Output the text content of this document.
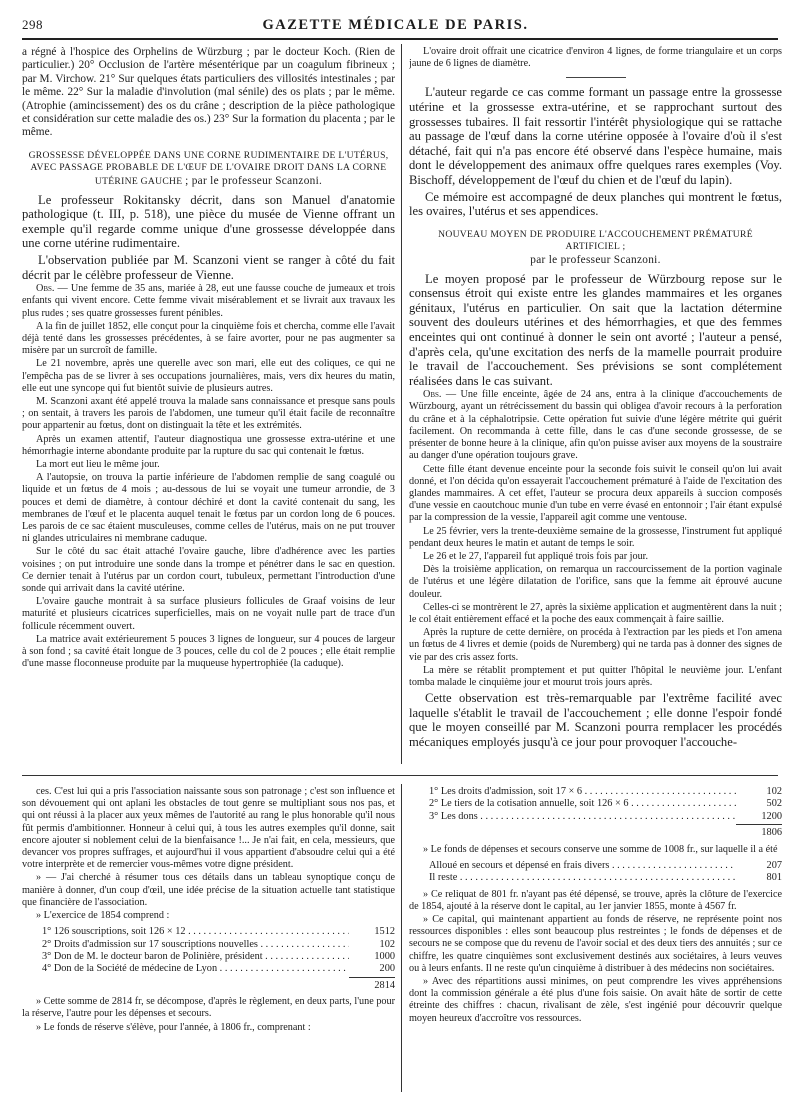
298	GAZETTE MÉDICALE DE PARIS.

a régné à l'hospice des Orphelins de Würzburg ; par le docteur Koch. (Rien de particulier.) 20° Occlusion de l'artère mésentérique par un coagulum fibrineux ; par M. Virchow. 21° Sur quelques états particuliers des villosités intestinales ; par le même. 22° Sur la maladie d'involution (mal sénile) des os plats ; par le même. (Atrophie (amincissement) des os du crâne ; description de la pièce pathologique et considération sur cette maladie des os.) 23° Sur la formation du placenta ; par le même.

GROSSESSE DÉVELOPPÉE DANS UNE CORNE RUDIMENTAIRE DE L'UTÉRUS, AVEC PASSAGE PROBABLE DE L'ŒUF DE L'OVAIRE DROIT DANS LA CORNE UTÉRINE GAUCHE ; par le professeur Scanzoni.

Le professeur Rokitansky décrit, dans son Manuel d'anatomie pathologique (t. III, p. 518), une pièce du musée de Vienne offrant un exemple qu'il regarde comme unique d'une grossesse développée dans une corne utérine rudimentaire.

L'observation publiée par M. Scanzoni vient se ranger à côté du fait décrit par le célèbre professeur de Vienne.

Obs. — Une femme de 35 ans, mariée à 28, eut une fausse couche de jumeaux et trois enfants qui vivent encore. Cette femme vivait misérablement et se livrait aux travaux les plus rudes ; ses quatre grossesses furent pénibles.

A la fin de juillet 1852, elle conçut pour la cinquième fois et chercha, comme elle l'avait déjà tenté dans les grossesses précédentes, à se faire avorter, pour ne pas augmenter sa misère par un surcroît de famille.

Le 21 novembre, après une querelle avec son mari, elle eut des coliques, ce qui ne l'empêcha pas de se livrer à ses occupations journalières, mais, vers dix heures du matin, elle eut une syncope qui fut bientôt suivie de plusieurs autres.

M. Scanzoni axant été appelé trouva la malade sans connaissance et presque sans pouls ; on sentait, à travers les parois de l'abdomen, une tumeur qu'il était facile de reconnaître pour appartenir au fœtus, dont on distinguait la tête et les extrémités.

Après un examen attentif, l'auteur diagnostiqua une grossesse extra-utérine et une hémorrhagie interne abondante produite par la rupture du sac qui contenait le fœtus.

La mort eut lieu le même jour.

A l'autopsie, on trouva la partie inférieure de l'abdomen remplie de sang coagulé ou liquide et un fœtus de 4 mois ; au-dessous de lui se voyait une tumeur arrondie, de 3 pouces et demi de diamètre, à contour déchiré et dont la cavité contenait du sang, les membranes de l'œuf et le placenta auquel tenait le fœtus par un cordon long de 6 pouces. Les parois de ce sac étaient musculeuses, comme celles de l'utérus, mais on ne put trouver ni glandes utriculaires ni membrane caduque.

Sur le côté du sac était attaché l'ovaire gauche, libre d'adhérence avec les parties voisines ; on put introduire une sonde dans la trompe et pénétrer dans le sac en question. Ce dernier tenait à l'utérus par un cordon court, tubuleux, permettant l'introduction d'une sonde qui arrivait dans la cavité utérine.

L'ovaire gauche montrait à sa surface plusieurs follicules de Graaf voisins de leur maturité et plusieurs cicatrices superficielles, mais on ne voyait nulle part de trace d'un follicule récemment ouvert.

La matrice avait extérieurement 5 pouces 3 lignes de longueur, sur 4 pouces de largeur à son fond ; sa cavité était longue de 3 pouces, celle du col de 2 pouces ; elle était remplie d'une masse floconneuse produite par la muqueuse hypertrophiée (la caduque).

L'ovaire droit offrait une cicatrice d'environ 4 lignes, de forme triangulaire et un corps jaune de 6 lignes de diamètre.

L'auteur regarde ce cas comme formant un passage entre la grossesse utérine et la grossesse extra-utérine, et se rapprochant surtout des grossesses tubaires. Il fait ressortir l'intérêt physiologique qui se rattache au passage de l'œuf dans la corne utérine opposée à l'ovaire d'où il s'est détaché, fait qui n'a pas encore été observé dans l'espèce humaine, mais dont le développement des animaux offre quelques rares exemples (Voy. Bischoff, développement de l'œuf du chien et de l'œuf du lapin).

Ce mémoire est accompagné de deux planches qui montrent le fœtus, les ovaires, l'utérus et ses appendices.

NOUVEAU MOYEN DE PRODUIRE L'ACCOUCHEMENT PRÉMATURÉ ARTIFICIEL ;
par le professeur Scanzoni.

Le moyen proposé par le professeur de Würzbourg repose sur le consensus étroit qui existe entre les glandes mammaires et les organes génitaux, l'utérus en particulier. On sait que la lactation détermine souvent des douleurs utérines et des hémorrhagies, et que des femmes enceintes qui ont continué à donner le sein ont avorté ; l'auteur a pensé, d'après cela, qu'une excitation des nerfs de la mamelle pourrait produire le travail de l'accouchement. Ses prévisions se sont complétement réalisées dans le cas suivant.

Obs. — Une fille enceinte, âgée de 24 ans, entra à la clinique d'accouchements de Würzbourg, ayant un rétrécissement du bassin qui obligea d'avoir recours à la perforation du crâne et à la céphalotripsie. Cette opération fut suivie d'une légère métrite qui guérit facilement. On recommanda à cette fille, dans le cas d'une seconde grossesse, de se présenter de bonne heure à la clinique, afin qu'on puisse aviser aux moyens de la soustraire au danger d'une opération toujours grave.

Cette fille étant devenue enceinte pour la seconde fois suivit le conseil qu'on lui avait donné, et l'on décida qu'on essayerait l'accouchement prématuré à l'aide de l'excitation des glandes mammaires. A cet effet, l'auteur se procura deux appareils à succion composés d'une vessie en caoutchouc munie d'un tube en verre évasé en entonnoir ; l'air étant expulsé par la compression de la vessie, l'appareil agit comme une ventouse.

Le 25 février, vers la trente-deuxième semaine de la grossesse, l'instrument fut appliqué pendant deux heures le matin et autant de temps le soir.

Le 26 et le 27, l'appareil fut appliqué trois fois par jour.

Dès la troisième application, on remarqua un raccourcissement de la portion vaginale de l'utérus et une légère dilatation de l'orifice, sans que la femme ait éprouvé aucune douleur.

Celles-ci se montrèrent le 27, après la sixième application et augmentèrent dans la nuit ; le col était entièrement effacé et la poche des eaux commençait à faire saillie.

Après la rupture de cette dernière, on procéda à l'extraction par les pieds et l'on amena un fœtus de 4 livres et demie (poids de Nuremberg) qui ne tarda pas à donner des signes de vie par des cris assez forts.

La mère se rétablit promptement et put quitter l'hôpital le neuvième jour. L'enfant tomba malade le cinquième jour et mourut trois jours après.

Cette observation est très-remarquable par l'extrême facilité avec laquelle s'établit le travail de l'accouchement ; elle donne l'espoir fondé que le moyen conseillé par M. Scanzoni pourra remplacer les procédés mécaniques employés jusqu'à ce jour pour provoquer l'accouche-

ces. C'est lui qui a pris l'association naissante sous son patronage ; c'est son influence et son dévouement qui ont aplani les obstacles de tout genre se multipliant sous nos pas, et qui ont réussi à la placer aux yeux mêmes de l'autorité au rang le plus honorable qu'il nous fût permis d'ambitionner. Honneur à celui qui, à tous les autres exemples qu'il donne, sait encore ajouter si noblement celui de la bienfaisance !... Je n'ai fait, en cela, messieurs, que devancer vos propres suffrages, et aujourd'hui il vous appartient d'absoudre celui qui a été votre interprète et de remercier vous-mêmes votre digne président.

» — J'ai cherché à résumer tous ces détails dans un tableau synoptique conçu de manière à donner, d'un coup d'œil, une idée précise de la situation actuelle tant statistique que financière de l'association.

» L'exercice de 1854 comprend :

1° 126 souscriptions, soit 126 × 12 . . .	1512
2° Droits d'admission sur 17 souscriptions nouvelles . . .	102
3° Don de M. le docteur baron de Polinière, président . . .	1000
4° Don de la Société de médecine de Lyon . . .	200
2814

» Cette somme de 2814 fr, se décompose, d'après le règlement, en deux parts, l'une pour la réserve, l'autre pour les dépenses et secours.

» Le fonds de réserve s'élève, pour l'année, à 1806 fr., comprenant :

1° Les droits d'admission, soit 17 × 6 . . .	102
2° Le tiers de la cotisation annuelle, soit 126 × 6 . . .	502
3° Les dons . . .	1200
1806

» Le fonds de dépenses et secours conserve une somme de 1008 fr., sur laquelle il a été

Alloué en secours et dépensé en frais divers . . .	207
Il reste . . .	801

» Ce reliquat de 801 fr. n'ayant pas été dépensé, se trouve, après la clôture de l'exercice de 1854, ajouté à la réserve dont le capital, au 1er janvier 1855, monte à 4567 fr.

» Ce capital, qui maintenant appartient au fonds de réserve, ne représente point nos ressources disponibles : elles sont beaucoup plus restreintes ; le fonds de dépenses et de secours ne se compose que du revenu de l'avoir social et des deux tiers des annuités ; sur ce chiffre, les quatre cinquièmes sont exclusivement destinés aux sociétaires, à leurs veuves ou à leurs enfants. Il ne reste qu'un cinquième à distribuer à des médecins non sociétaires.

» Avec des répartitions aussi minimes, on peut comprendre les vives appréhensions dont la commission générale a été plus d'une fois saisie. On avait hâte de sortir de cette étreinte des chiffres : chacun, rivalisant de zèle, s'est ingénié pour découvrir quelque moyen heureux d'accroître vos ressources.
